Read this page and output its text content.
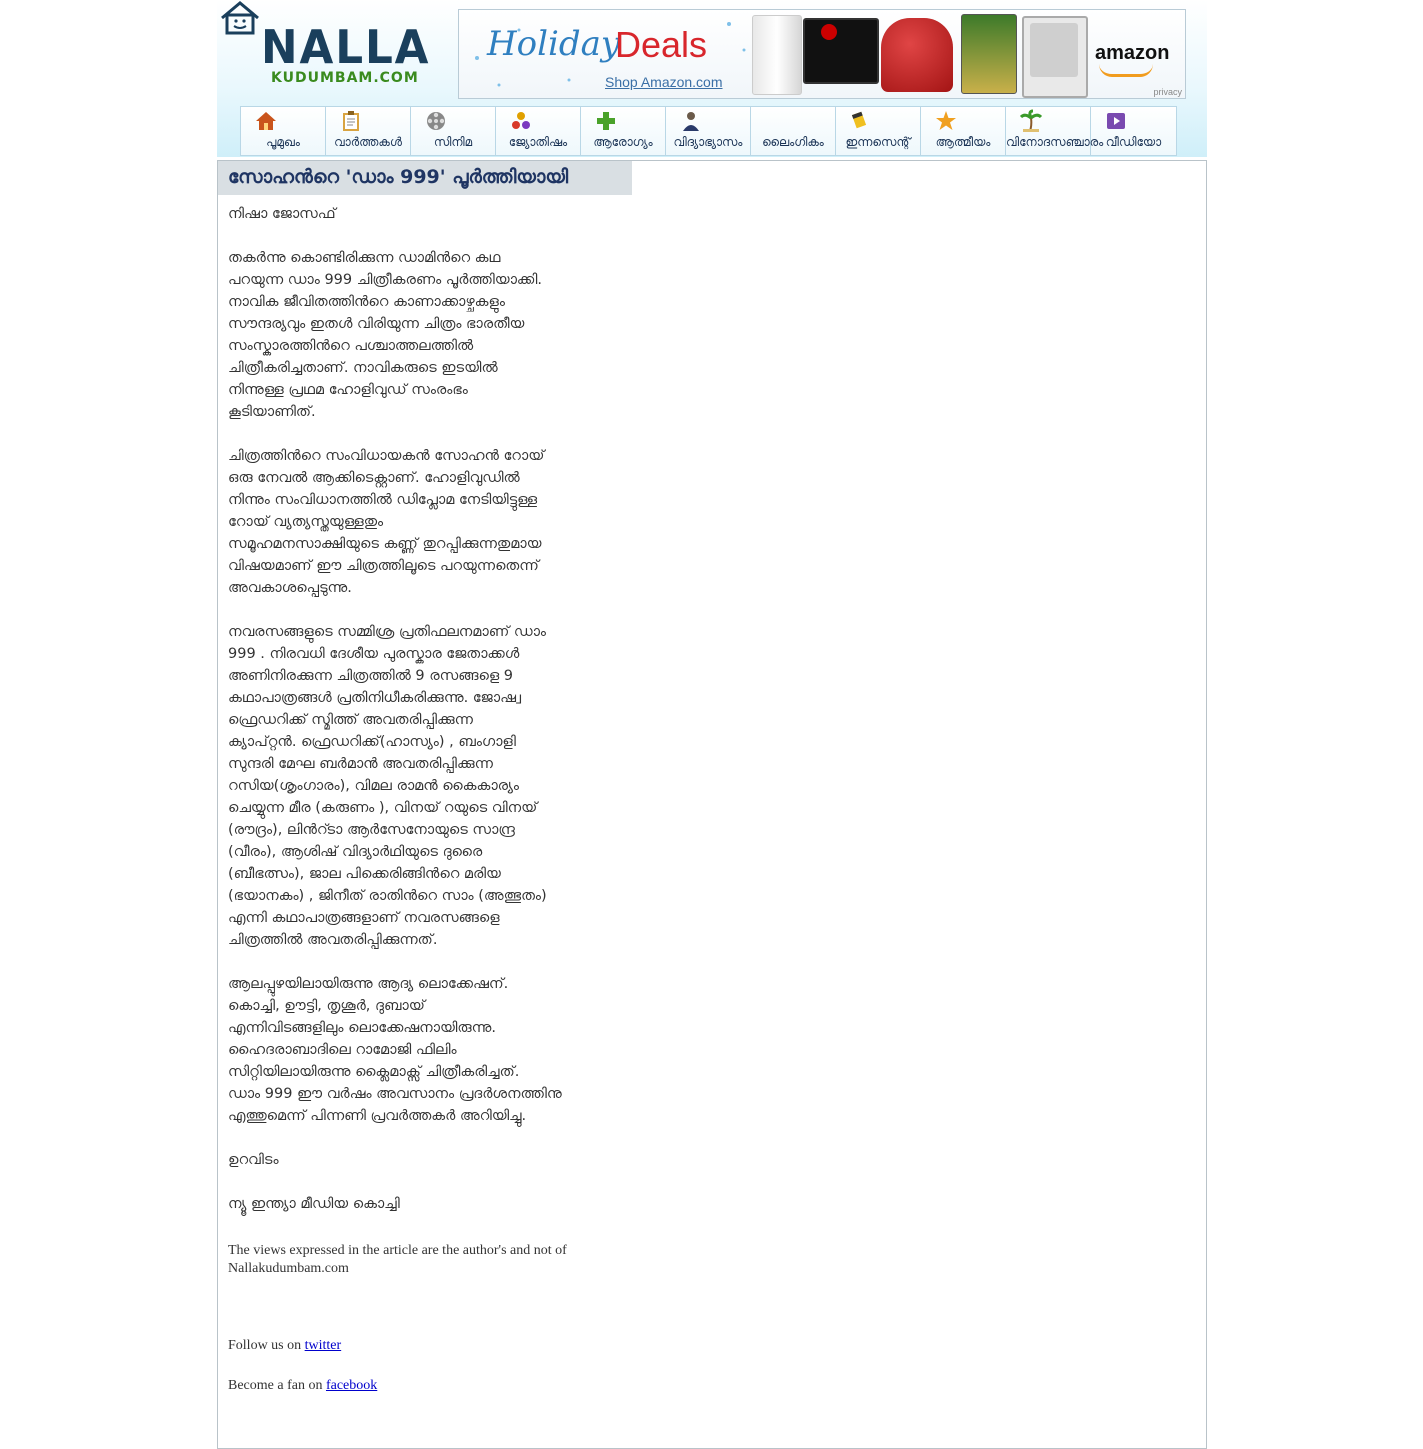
NALLA
KUDUMBAM.COM
Holiday
Deals
Shop Amazon.com
amazon
privacy
പൂമുഖം	വാർത്തകൾ	സിനിമ	ജ്യോതിഷം	ആരോഗ്യം	വിദ്യാഭ്യാസം	ലൈംഗികം	ഇന്നസെന്റ്	ആത്മീയം	വിനോദസഞ്ചാരം വീഡിയോ
സോഹന്‍റെ 'ഡാം 999' പൂര്‍ത്തിയായി

നിഷാ ജോസഫ്

തകർന്നു കൊണ്ടിരിക്കുന്ന ഡാമിന്‍റെ കഥ
പറയുന്ന ഡാം 999 ചിത്രീകരണം പൂർത്തിയാക്കി.
നാവിക ജീവിതത്തിന്‍റെ കാണാക്കാഴ്ചകളും
സൗന്ദര്യവും ഇതൾ വിരിയുന്ന ചിത്രം ഭാരതീയ
സംസ്കാരത്തിന്‍റെ പശ്ചാത്തലത്തിൽ
ചിത്രീകരിച്ചതാണ്. നാവികരുടെ ഇടയിൽ
നിന്നുള്ള പ്രഥമ ഹോളിവുഡ് സംരംഭം
കൂടിയാണിത്.

ചിത്രത്തിന്‍റെ സംവിധായകൻ സോഹൻ റോയ്
ഒരു നേവൽ ആക്കിടെക്റ്റാണ്. ഹോളിവുഡിൽ
നിന്നും സംവിധാനത്തിൽ ഡിപ്ലോമ നേടിയിട്ടുള്ള
റോയ് വ്യത്യസ്തയുള്ളതും
സമൂഹമനസാക്ഷിയുടെ കണ്ണ് തുറപ്പിക്കുന്നതുമായ
വിഷയമാണ് ഈ ചിത്രത്തിലൂടെ പറയുന്നതെന്ന്
അവകാശപ്പെടുന്നു.

നവരസങ്ങളുടെ സമ്മിശ്ര പ്രതിഫലനമാണ് ഡാം
999 . നിരവധി ദേശീയ പുരസ്കാര ജേതാക്കൾ
അണിനിരക്കുന്ന ചിത്രത്തിൽ 9 രസങ്ങളെ 9
കഥാപാത്രങ്ങൾ പ്രതിനിധീകരിക്കുന്നു. ജോഷ്വ
ഫ്രെഡറിക്ക് സ്മിത്ത് അവതരിപ്പിക്കുന്ന
ക്യാപ്റ്റന്‍. ഫ്രെഡറിക്ക്(ഹാസ്യം) , ബംഗാളി
സുന്ദരി മേഘ ബർമാൻ അവതരിപ്പിക്കുന്ന
റസിയ(ശൃംഗാരം), വിമല രാമൻ കൈകാര്യം
ചെയ്യുന്ന മീര (കരുണം ), വിനയ് റയുടെ വിനയ്
(രൗദ്രം), ലിന്‍റ്ടാ ആര്‍സേനോയുടെ സാന്ദ്ര
(വീരം), ആശിഷ് വിദ്യാർഥിയുടെ ദുരൈ
(ബീഭത്സം), ജാല പിക്കെരിങ്ങിന്‍റെ മരിയ
(ഭയാനകം) , ജിനീത് രാതിന്‍റെ സാം (അത്ഭുതം)
എന്നി കഥാപാത്രങ്ങളാണ് നവരസങ്ങളെ
ചിത്രത്തിൽ അവതരിപ്പിക്കുന്നത്.

ആലപ്പുഴയിലായിരുന്നു ആദ്യ ലൊക്കേഷന്.
കൊച്ചി, ഊട്ടി, തൃശൂർ, ദുബായ്
എന്നിവിടങ്ങളിലും ലൊക്കേഷനായിരുന്നു.
ഹൈദരാബാദിലെ റാമോജി ഫിലിം
സിറ്റിയിലായിരുന്നു ക്ലൈമാക്സ് ചിത്രീകരിച്ചത്.
ഡാം 999 ഈ വർഷം അവസാനം പ്രദർശനത്തിനു
എത്തുമെന്ന് പിന്നണി പ്രവര്‍ത്തകര്‍ അറിയിച്ചു.

ഉറവിടം

ന്യൂ ഇന്ത്യാ മീഡിയ കൊച്ചി

The views expressed in the article are the author's and not of Nallakudumbam.com
Follow us on twitter
Become a fan on facebook
